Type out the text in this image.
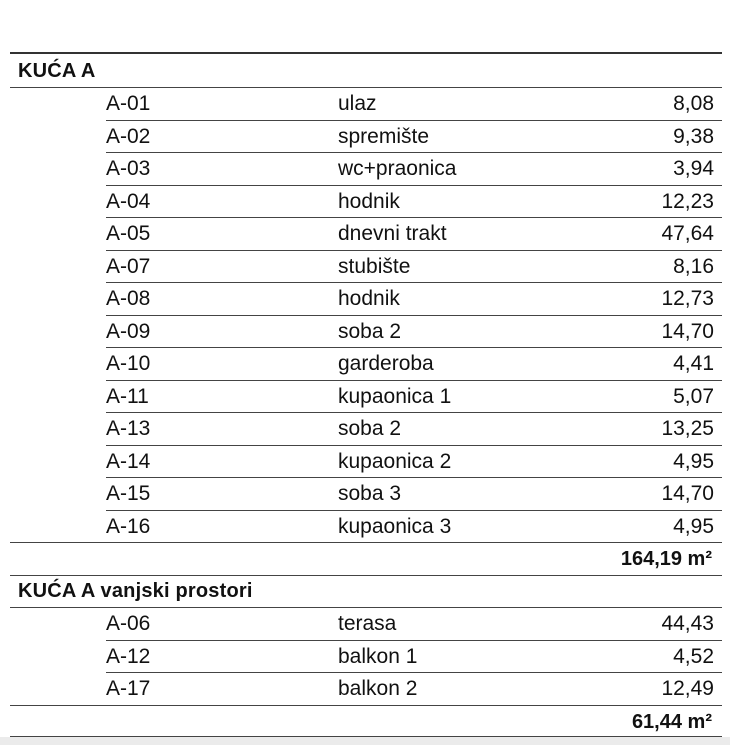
KUĆA A
A-01	ulaz	8,08
A-02	spremište	9,38
A-03	wc+praonica	3,94
A-04	hodnik	12,23
A-05	dnevni trakt	47,64
A-07	stubište	8,16
A-08	hodnik	12,73
A-09	soba 2	14,70
A-10	garderoba	4,41
A-11	kupaonica 1	5,07
A-13	soba 2	13,25
A-14	kupaonica 2	4,95
A-15	soba 3	14,70
A-16	kupaonica 3	4,95
164,19 m²
KUĆA A vanjski prostori
A-06	terasa	44,43
A-12	balkon 1	4,52
A-17	balkon 2	12,49
61,44 m²
